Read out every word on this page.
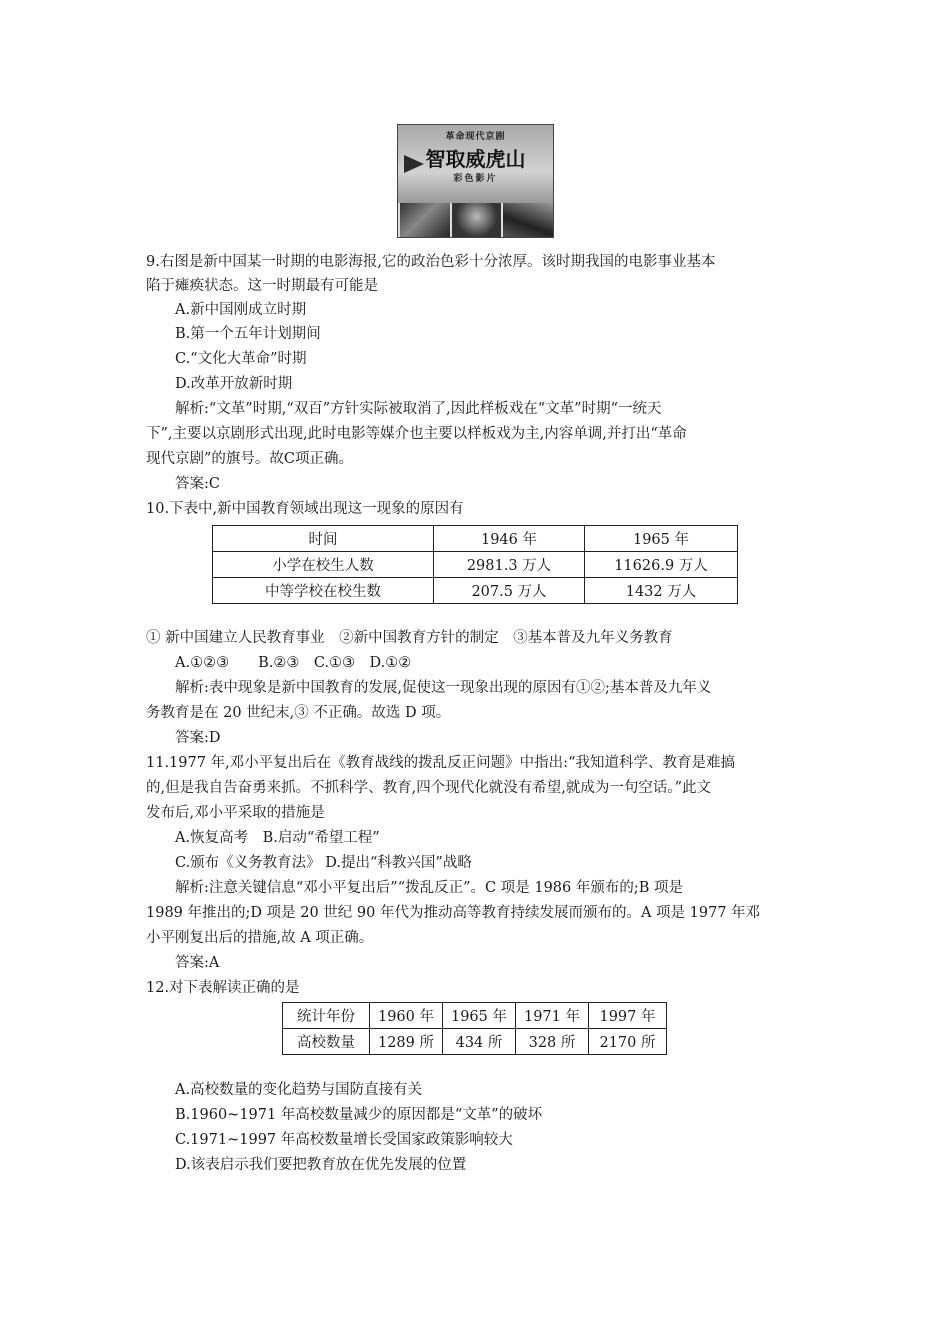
革命现代京剧
智取威虎山
彩色影片
9.右图是新中国某一时期的电影海报,它的政治色彩十分浓厚。该时期我国的电影事业基本
陷于瘫痪状态。这一时期最有可能是
A.新中国刚成立时期
B.第一个五年计划期间
C.“文化大革命”时期
D.改革开放新时期
解析:“文革”时期,“双百”方针实际被取消了,因此样板戏在“文革”时期“一统天
下”,主要以京剧形式出现,此时电影等媒介也主要以样板戏为主,内容单调,并打出“革命
现代京剧”的旗号。故C项正确。
答案:C
10.下表中,新中国教育领域出现这一现象的原因有
时间	1946 年	1965 年
小学在校生人数	2981.3 万人	11626.9 万人
中等学校在校生数	207.5 万人	1432 万人
① 新中国建立人民教育事业　②新中国教育方针的制定　③基本普及九年义务教育
A.①②③　　B.②③　C.①③　D.①②
解析:表中现象是新中国教育的发展,促使这一现象出现的原因有①②;基本普及九年义
务教育是在 20 世纪末,③ 不正确。故选 D 项。
答案:D
11.1977 年,邓小平复出后在《教育战线的拨乱反正问题》中指出:“我知道科学、教育是难搞
的,但是我自告奋勇来抓。不抓科学、教育,四个现代化就没有希望,就成为一句空话。”此文
发布后,邓小平采取的措施是
A.恢复高考　B.启动“希望工程”
C.颁布《义务教育法》 D.提出“科教兴国”战略
解析:注意关键信息“邓小平复出后”“拨乱反正”。C 项是 1986 年颁布的;B 项是
1989 年推出的;D 项是 20 世纪 90 年代为推动高等教育持续发展而颁布的。A 项是 1977 年邓
小平刚复出后的措施,故 A 项正确。
答案:A
12.对下表解读正确的是
统计年份	1960 年	1965 年	1971 年	1997 年
高校数量	1289 所	434 所	328 所	2170 所
A.高校数量的变化趋势与国防直接有关
B.1960~1971 年高校数量减少的原因都是“文革”的破坏
C.1971~1997 年高校数量增长受国家政策影响较大
D.该表启示我们要把教育放在优先发展的位置
